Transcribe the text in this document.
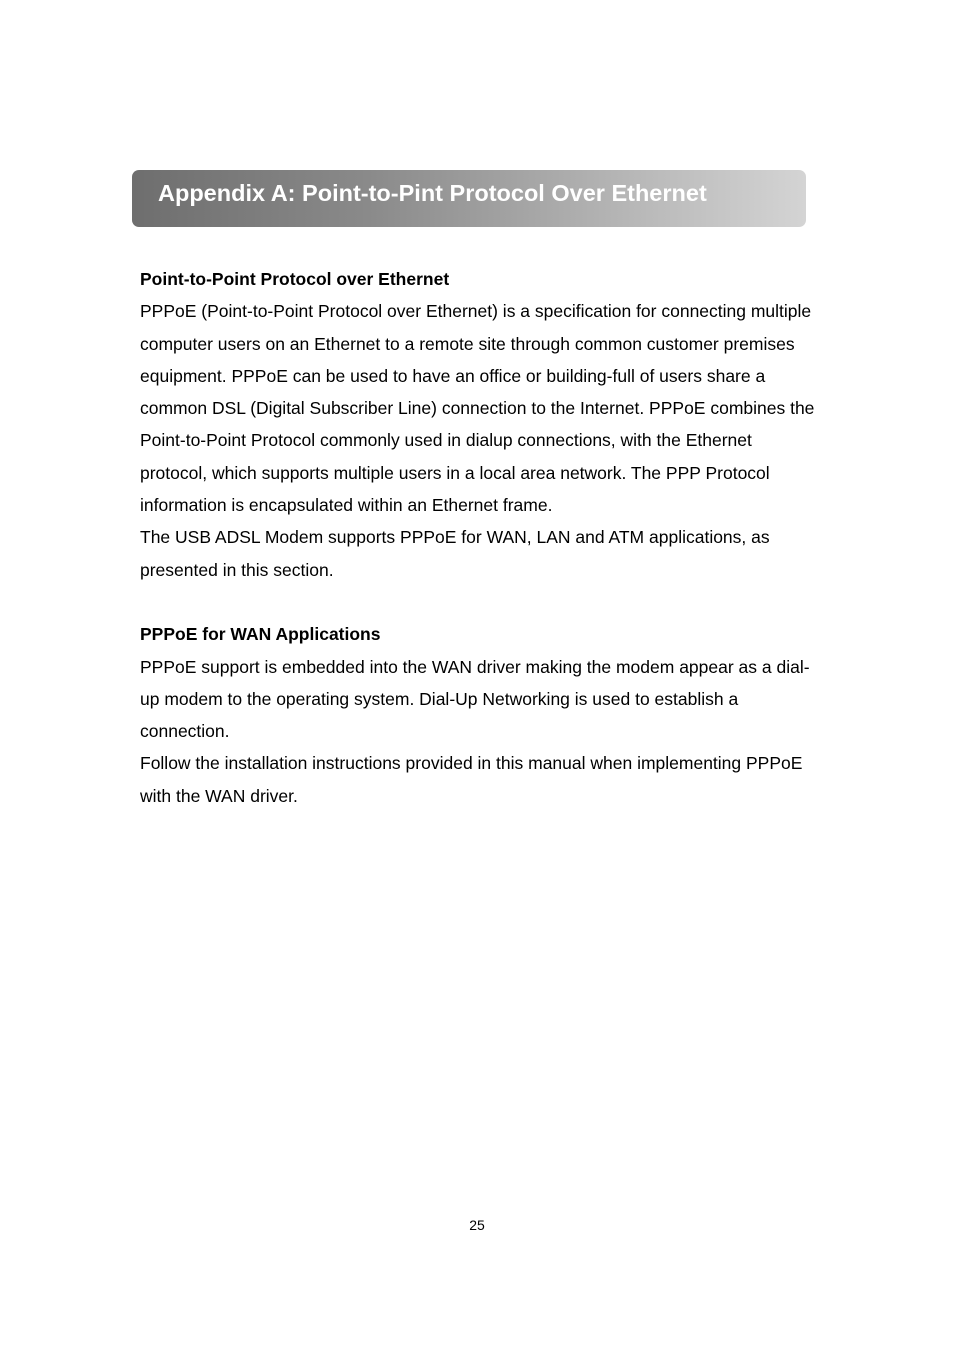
Appendix A: Point-to-Pint Protocol Over Ethernet

Point-to-Point Protocol over Ethernet

PPPoE (Point-to-Point Protocol over Ethernet) is a specification for connecting multiple computer users on an Ethernet to a remote site through common customer premises equipment. PPPoE can be used to have an office or building-full of users share a common DSL (Digital Subscriber Line) connection to the Internet. PPPoE combines the Point-to-Point Protocol commonly used in dialup connections, with the Ethernet protocol, which supports multiple users in a local area network. The PPP Protocol information is encapsulated within an Ethernet frame.

The USB ADSL Modem supports PPPoE for WAN, LAN and ATM applications, as presented in this section.

PPPoE for WAN Applications

PPPoE support is embedded into the WAN driver making the modem appear as a dial-up modem to the operating system. Dial-Up Networking is used to establish a connection.

Follow the installation instructions provided in this manual when implementing PPPoE with the WAN driver.

25
